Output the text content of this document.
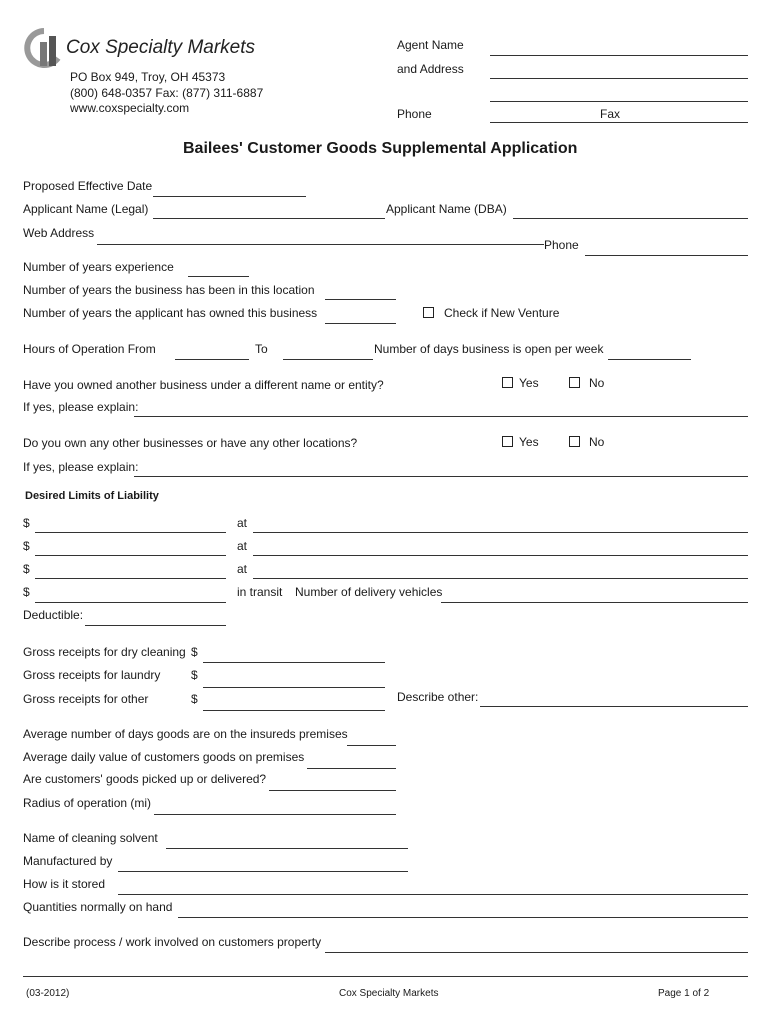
Cox Specialty Markets
PO Box 949, Troy, OH 45373
(800) 648-0357 Fax: (877) 311-6887
www.coxspecialty.com
Agent Name
and Address
Phone	Fax
Bailees' Customer Goods Supplemental Application
Proposed Effective Date
Applicant Name (Legal)	Applicant Name (DBA)
Web Address
Phone
Number of years experience
Number of years the business has been in this location
Number of years the applicant has owned this business	Check if New Venture
Hours of Operation From	To	Number of days business is open per week
Have you owned another business under a different name or entity?	Yes	No
If yes, please explain:
Do you own any other businesses or have any other locations?	Yes	No
If yes, please explain:
Desired Limits of Liability
$	at
$	at
$	at
$	in transit Number of delivery vehicles
Deductible:
Gross receipts for dry cleaning $
Gross receipts for laundry	$
Gross receipts for other	$	Describe other:
Average number of days goods are on the insureds premises
Average daily value of customers goods on premises
Are customers' goods picked up or delivered?
Radius of operation (mi)
Name of cleaning solvent
Manufactured by
How is it stored
Quantities normally on hand
Describe process / work involved on customers property
(03-2012)	Cox Specialty Markets	Page 1 of 2
